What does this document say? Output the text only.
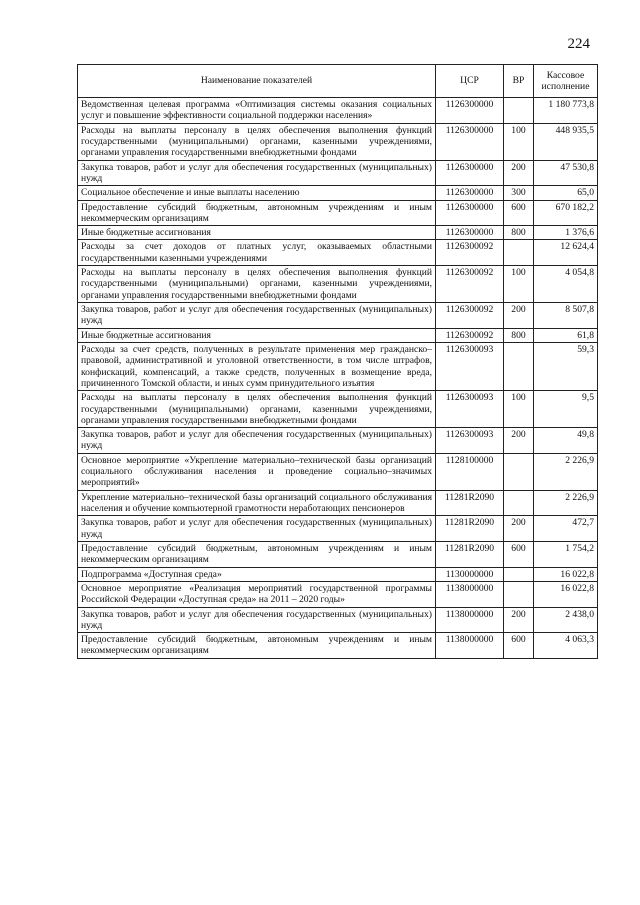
224
Наименование показателей	ЦСР	ВР	Кассовое исполнение
Ведомственная целевая программа «Оптимизация системы оказания социальных услуг и повышение эффективности социальной поддержки населения»	1126300000		1 180 773,8
Расходы на выплаты персоналу в целях обеспечения выполнения функций государственными (муниципальными) органами, казенными учреждениями, органами управления государственными внебюджетными фондами	1126300000	100	448 935,5
Закупка товаров, работ и услуг для обеспечения государственных (муниципальных) нужд	1126300000	200	47 530,8
Социальное обеспечение и иные выплаты населению	1126300000	300	65,0
Предоставление субсидий бюджетным, автономным учреждениям и иным некоммерческим организациям	1126300000	600	670 182,2
Иные бюджетные ассигнования	1126300000	800	1 376,6
Расходы за счет доходов от платных услуг, оказываемых областными государственными казенными учреждениями	1126300092		12 624,4
Расходы на выплаты персоналу в целях обеспечения выполнения функций государственными (муниципальными) органами, казенными учреждениями, органами управления государственными внебюджетными фондами	1126300092	100	4 054,8
Закупка товаров, работ и услуг для обеспечения государственных (муниципальных) нужд	1126300092	200	8 507,8
Иные бюджетные ассигнования	1126300092	800	61,8
Расходы за счет средств, полученных в результате применения мер гражданско–правовой, административной и уголовной ответственности, в том числе штрафов, конфискаций, компенсаций, а также средств, полученных в возмещение вреда, причиненного Томской области, и иных сумм принудительного изъятия	1126300093		59,3
Расходы на выплаты персоналу в целях обеспечения выполнения функций государственными (муниципальными) органами, казенными учреждениями, органами управления государственными внебюджетными фондами	1126300093	100	9,5
Закупка товаров, работ и услуг для обеспечения государственных (муниципальных) нужд	1126300093	200	49,8
Основное мероприятие «Укрепление материально–технической базы организаций социального обслуживания населения и проведение социально–значимых мероприятий»	1128100000		2 226,9
Укрепление материально–технической базы организаций социального обслуживания населения и обучение компьютерной грамотности неработающих пенсионеров	11281R2090		2 226,9
Закупка товаров, работ и услуг для обеспечения государственных (муниципальных) нужд	11281R2090	200	472,7
Предоставление субсидий бюджетным, автономным учреждениям и иным некоммерческим организациям	11281R2090	600	1 754,2
Подпрограмма «Доступная среда»	1130000000		16 022,8
Основное мероприятие «Реализация мероприятий государственной программы Российской Федерации «Доступная среда» на 2011 – 2020 годы»	1138000000		16 022,8
Закупка товаров, работ и услуг для обеспечения государственных (муниципальных) нужд	1138000000	200	2 438,0
Предоставление субсидий бюджетным, автономным учреждениям и иным некоммерческим организациям	1138000000	600	4 063,3
